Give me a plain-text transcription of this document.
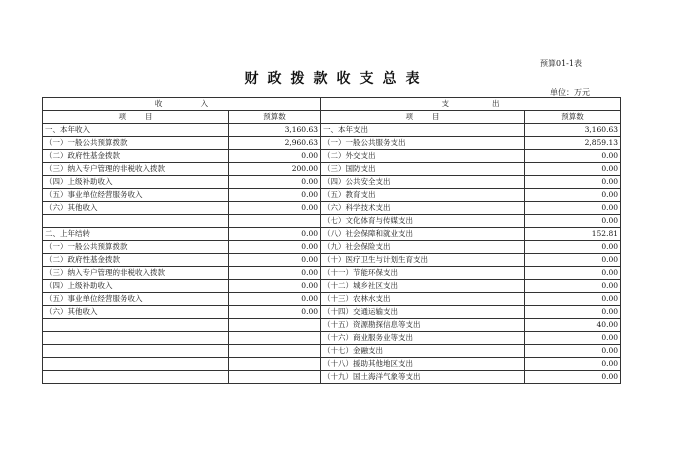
预算01-1表
财政拨款收支总表
单位：万元
收                入		支                  出	
项        目	预算数	项        目	预算数
一、本年收入	3,160.63	一、本年支出	3,160.63
（一）一般公共预算拨款	2,960.63	（一）一般公共服务支出	2,859.13
（二）政府性基金拨款	0.00	（二）外交支出	0.00
（三）纳入专户管理的非税收入拨款	200.00	（三）国防支出	0.00
（四）上级补助收入	0.00	（四）公共安全支出	0.00
（五）事业单位经营服务收入	0.00	（五）教育支出	0.00
（六）其他收入	0.00	（六）科学技术支出	0.00
		（七）文化体育与传媒支出	0.00
二、上年结转	0.00	（八）社会保障和就业支出	152.81
（一）一般公共预算拨款	0.00	（九）社会保险支出	0.00
（二）政府性基金拨款	0.00	（十）医疗卫生与计划生育支出	0.00
（三）纳入专户管理的非税收入拨款	0.00	（十一）节能环保支出	0.00
（四）上级补助收入	0.00	（十二）城乡社区支出	0.00
（五）事业单位经营服务收入	0.00	（十三）农林水支出	0.00
（六）其他收入	0.00	（十四）交通运输支出	0.00
		（十五）资源勘探信息等支出	40.00
		（十六）商业服务业等支出	0.00
		（十七）金融支出	0.00
		（十八）援助其他地区支出	0.00
		（十九）国土海洋气象等支出	0.00
